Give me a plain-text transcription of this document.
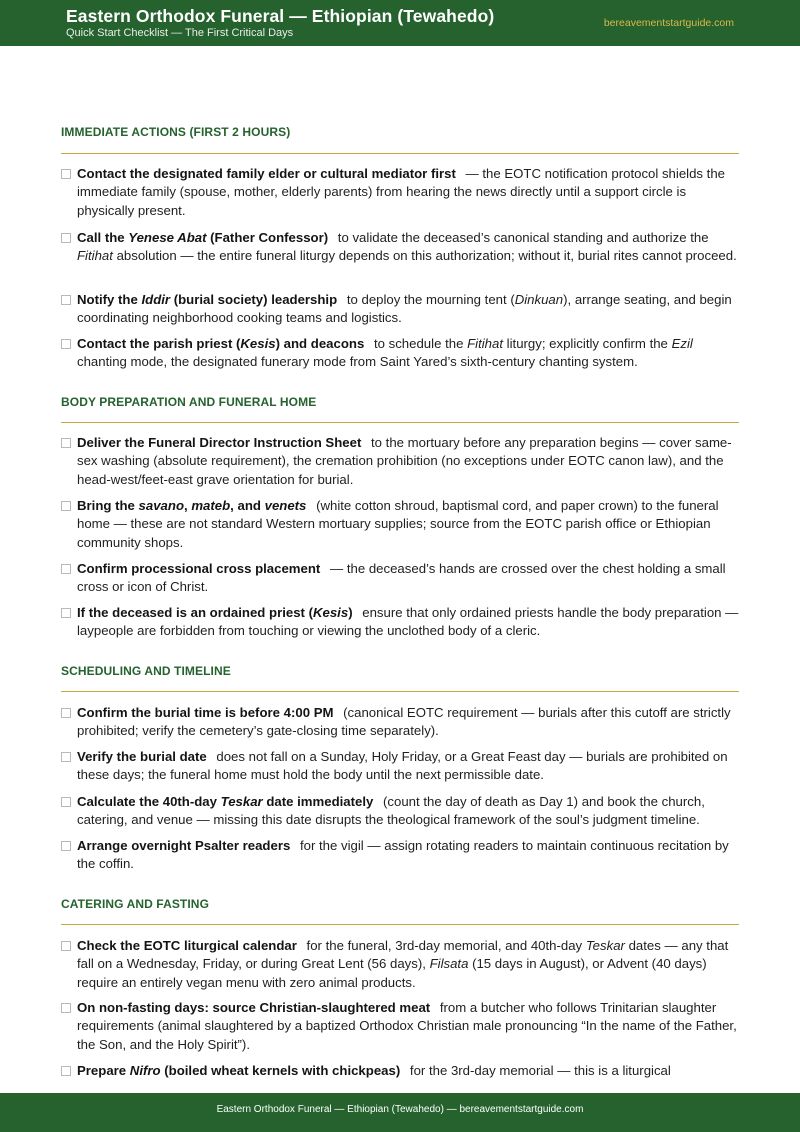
Eastern Orthodox Funeral — Ethiopian (Tewahedo)
Quick Start Checklist — The First Critical Days
bereavementstartguide.com
IMMEDIATE ACTIONS (FIRST 2 HOURS)
Contact the designated family elder or cultural mediator first — the EOTC notification protocol shields the immediate family (spouse, mother, elderly parents) from hearing the news directly until a support circle is physically present.
Call the Yenese Abat (Father Confessor) to validate the deceased’s canonical standing and authorize the Fitihat absolution — the entire funeral liturgy depends on this authorization; without it, burial rites cannot proceed.
Notify the Iddir (burial society) leadership to deploy the mourning tent (Dinkuan), arrange seating, and begin coordinating neighborhood cooking teams and logistics.
Contact the parish priest (Kesis) and deacons to schedule the Fitihat liturgy; explicitly confirm the Ezil chanting mode, the designated funerary mode from Saint Yared’s sixth-century chanting system.
BODY PREPARATION AND FUNERAL HOME
Deliver the Funeral Director Instruction Sheet to the mortuary before any preparation begins — cover same-sex washing (absolute requirement), the cremation prohibition (no exceptions under EOTC canon law), and the head-west/feet-east grave orientation for burial.
Bring the savano, mateb, and venets (white cotton shroud, baptismal cord, and paper crown) to the funeral home — these are not standard Western mortuary supplies; source from the EOTC parish office or Ethiopian community shops.
Confirm processional cross placement — the deceased’s hands are crossed over the chest holding a small cross or icon of Christ.
If the deceased is an ordained priest (Kesis) ensure that only ordained priests handle the body preparation — laypeople are forbidden from touching or viewing the unclothed body of a cleric.
SCHEDULING AND TIMELINE
Confirm the burial time is before 4:00 PM (canonical EOTC requirement — burials after this cutoff are strictly prohibited; verify the cemetery’s gate-closing time separately).
Verify the burial date does not fall on a Sunday, Holy Friday, or a Great Feast day — burials are prohibited on these days; the funeral home must hold the body until the next permissible date.
Calculate the 40th-day Teskar date immediately (count the day of death as Day 1) and book the church, catering, and venue — missing this date disrupts the theological framework of the soul’s judgment timeline.
Arrange overnight Psalter readers for the vigil — assign rotating readers to maintain continuous recitation by the coffin.
CATERING AND FASTING
Check the EOTC liturgical calendar for the funeral, 3rd-day memorial, and 40th-day Teskar dates — any that fall on a Wednesday, Friday, or during Great Lent (56 days), Filsata (15 days in August), or Advent (40 days) require an entirely vegan menu with zero animal products.
On non-fasting days: source Christian-slaughtered meat from a butcher who follows Trinitarian slaughter requirements (animal slaughtered by a baptized Orthodox Christian male pronouncing “In the name of the Father, the Son, and the Holy Spirit”).
Prepare Nifro (boiled wheat kernels with chickpeas) for the 3rd-day memorial — this is a liturgical
Eastern Orthodox Funeral — Ethiopian (Tewahedo) — bereavementstartguide.com
